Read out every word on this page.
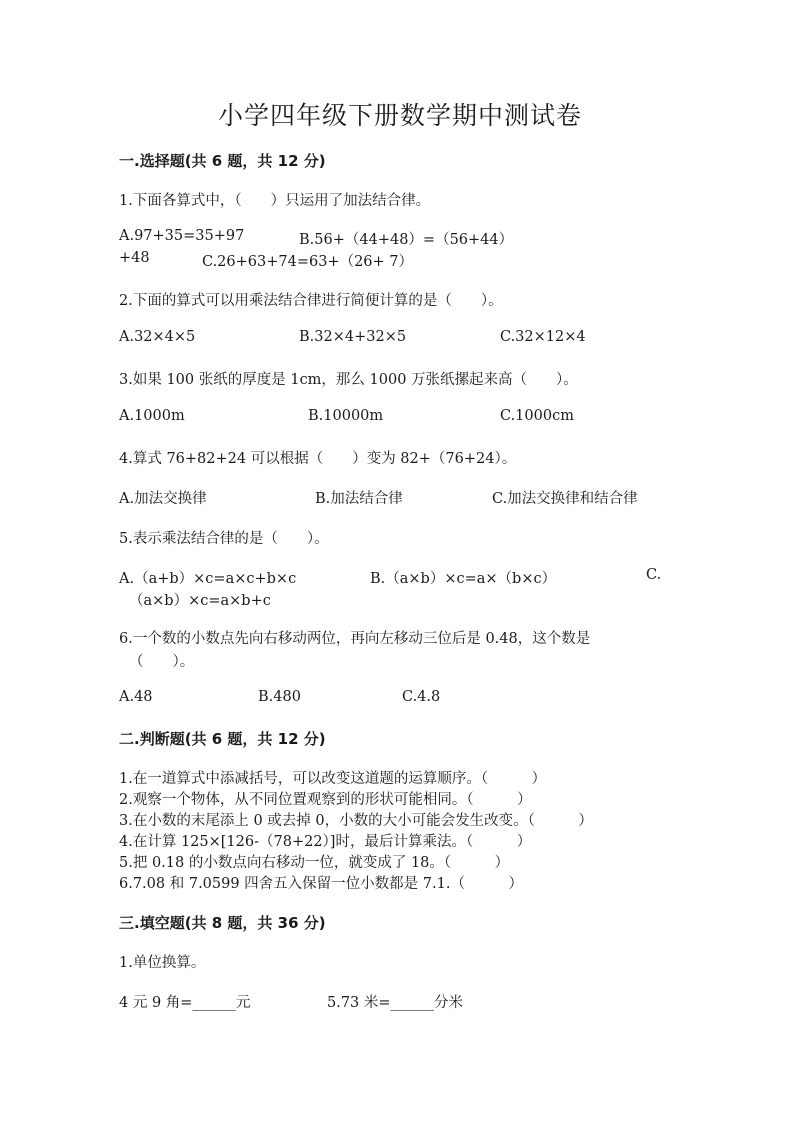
小学四年级下册数学期中测试卷
一.选择题(共 6 题，共 12 分)
1.下面各算式中，（　　）只运用了加法结合律。
A.97+35=35+97	B.56+（44+48）=（56+44）
+48	C.26+63+74=63+（26+ 7）
2.下面的算式可以用乘法结合律进行简便计算的是（　　）。
A.32×4×5	B.32×4+32×5	C.32×12×4
3.如果 100 张纸的厚度是 1cm，那么 1000 万张纸摞起来高（　　）。
A.1000m	B.10000m	C.1000cm
4.算式 76+82+24 可以根据（　　）变为 82+（76+24）。
A.加法交换律	B.加法结合律	C.加法交换律和结合律
5.表示乘法结合律的是（　　）。
A.（a+b）×c=a×c+b×c	B.（a×b）×c=a×（b×c）	C.
（a×b）×c=a×b+c
6.一个数的小数点先向右移动两位，再向左移动三位后是 0.48，这个数是
（　　）。
A.48	B.480	C.4.8
二.判断题(共 6 题，共 12 分)
1.在一道算式中添减括号，可以改变这道题的运算顺序。（　　　）
2.观察一个物体，从不同位置观察到的形状可能相同。（　　　）
3.在小数的末尾添上 0 或去掉 0，小数的大小可能会发生改变。（　　　）
4.在计算 125×[126-（78+22）]时，最后计算乘法。（　　　）
5.把 0.18 的小数点向右移动一位，就变成了 18。（　　　）
6.7.08 和 7.0599 四舍五入保留一位小数都是 7.1.（　　　）
三.填空题(共 8 题，共 36 分)
1.单位换算。
4 元 9 角=______元	5.73 米=______分米
